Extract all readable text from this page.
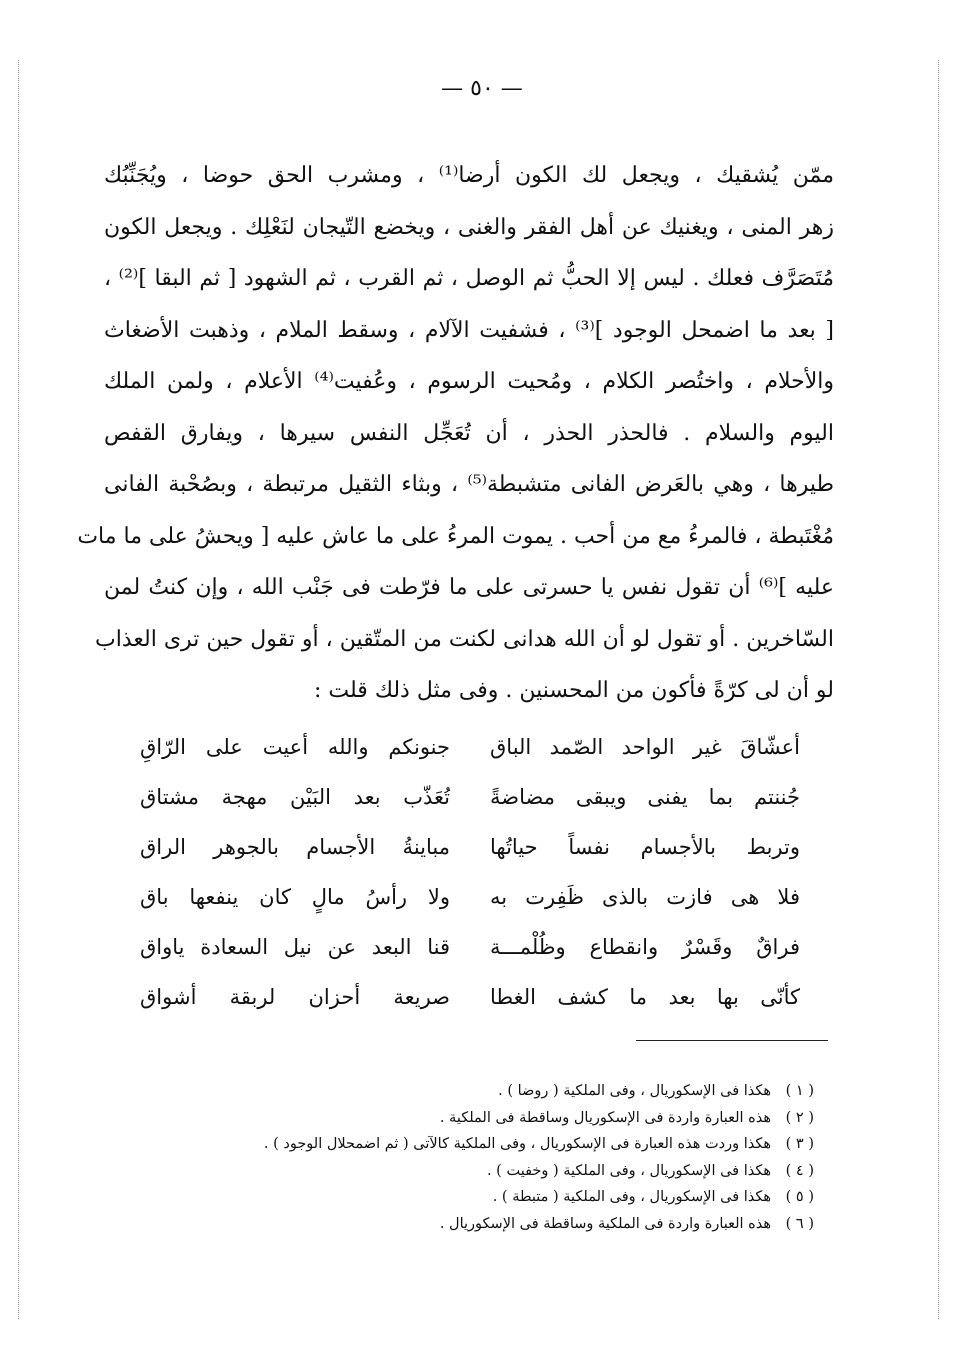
— ٥٠ —
ممّن يُشقيك ، ويجعل لك الكون أرضا⁽¹⁾ ، ومشرب الحق حوضا ، ويُجَنِّبُك
زهر المنى ، ويغنيك عن أهل الفقر والغنى ، ويخضع التّيجان لنَعْلِك . ويجعل الكون
مُتَصَرَّف فعلك . ليس إلا الحبُّ ثم الوصل ، ثم القرب ، ثم الشهود [ ثم البقا ]⁽²⁾ ،
[ بعد ما اضمحل الوجود ]⁽³⁾ ، فشفيت الآلام ، وسقط الملام ، وذهبت الأضغاث
والأحلام ، واختُصر الكلام ، ومُحيت الرسوم ، وعُفيت⁽⁴⁾ الأعلام ، ولمن الملك
اليوم والسلام . فالحذر الحذر ، أن تُعَجِّل النفس سيرها ، ويفارق القفص
طيرها ، وهي بالعَرض الفانى متشبطة⁽⁵⁾ ، وبثاء الثقيل مرتبطة ، وبصُحْبة الفانى
مُغْتَبطة ، فالمرءُ مع من أحب . يموت المرءُ على ما عاش عليه [ ويحشُ على ما مات
عليه ]⁽⁶⁾ أن تقول نفس يا حسرتى على ما فرّطت فى جَنْب الله ، وإن كنتُ لمن
السّاخرين . أو تقول لو أن الله هدانى لكنت من المتّقين ، أو تقول حين ترى العذاب
لو أن لى كرّةً فأكون من المحسنين . وفى مثل ذلك قلت :
أعشّاقَ غير الواحد الصّمد الباق
جنونكم والله أعيت على الرّاقِ
جُننتم بما يفنى ويبقى مضاضةً
تُعَذّب بعد البَيْن مهجة مشتاق
وتربط بالأجسام نفساً حياتُها
مباينةُ الأجسام بالجوهر الراق
فلا هى فازت بالذى ظَفِرت به
ولا رأسُ مالٍ كان ينفعها باق
فراقٌ وقَسْرٌ وانقطاع وظُلْمـــة
قنا البعد عن نيل السعادة ياواق
كأنّى بها بعد ما كشف الغطا
صريعة أحزان لربقة أشواق
( ١ ) هكذا فى الإسكوريال ، وفى الملكية ( روضا ) .
( ٢ ) هذه العبارة واردة فى الإسكوريال وساقطة فى الملكية .
( ٣ ) هكذا وردت هذه العبارة فى الإسكوريال ، وفى الملكية كالآتى ( ثم اضمحلال الوجود ) .
( ٤ ) هكذا فى الإسكوريال ، وفى الملكية ( وخفيت ) .
( ٥ ) هكذا فى الإسكوريال ، وفى الملكية ( متبطة ) .
( ٦ ) هذه العبارة واردة فى الملكية وساقطة فى الإسكوريال .
